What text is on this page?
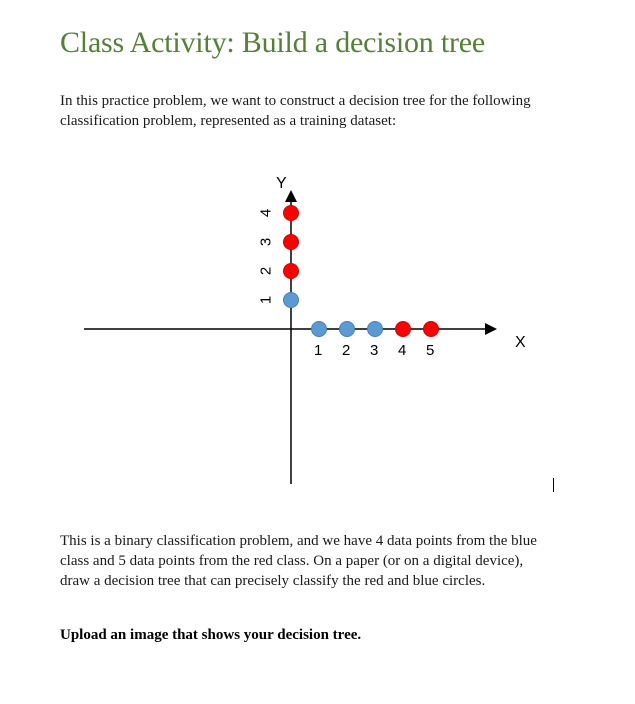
Class Activity: Build a decision tree

In this practice problem, we want to construct a decision tree for the following
classification problem, represented as a training dataset:

X
Y
1 2 3 4 5
1
2
3
4

This is a binary classification problem, and we have 4 data points from the blue
class and 5 data points from the red class. On a paper (or on a digital device),
draw a decision tree that can precisely classify the red and blue circles.

Upload an image that shows your decision tree.
